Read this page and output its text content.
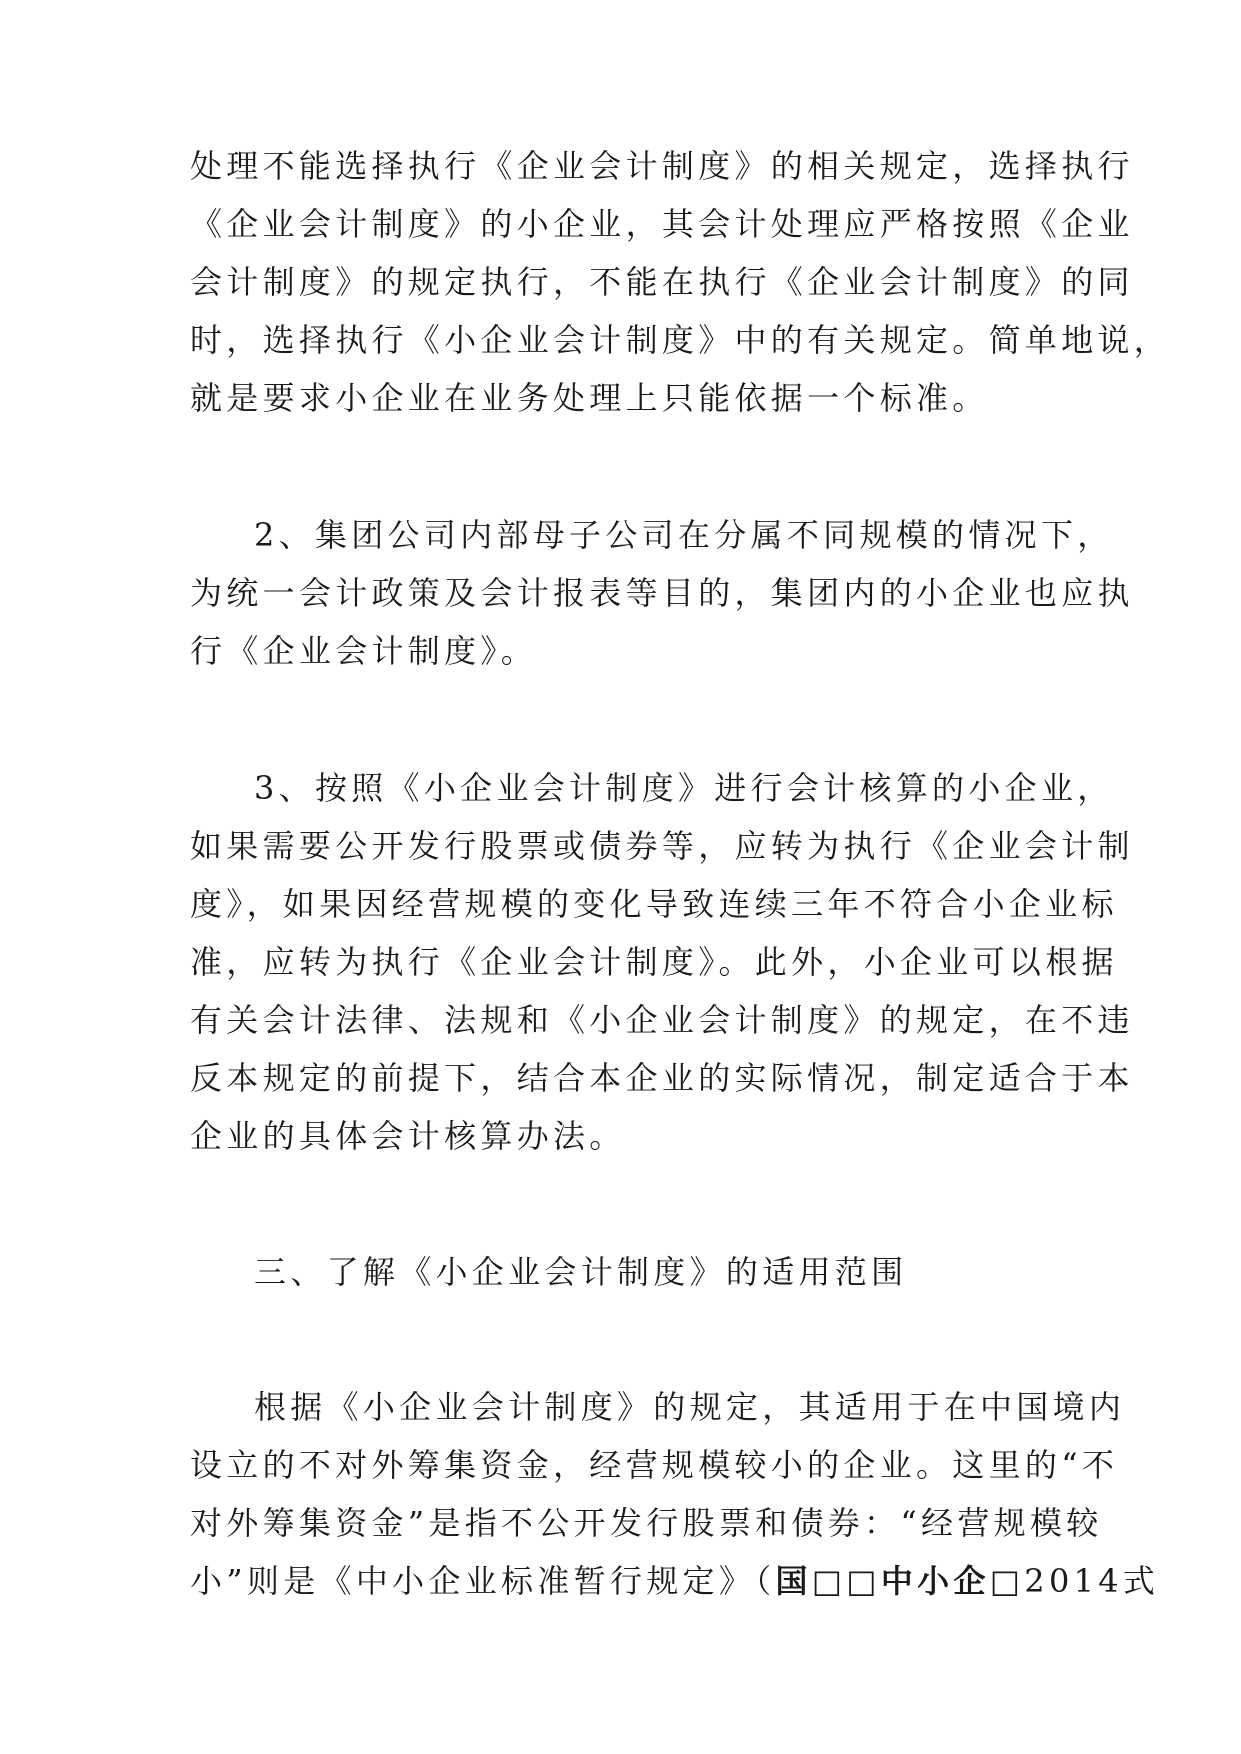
处理不能选择执行《企业会计制度》的相关规定，选择执行
《企业会计制度》的小企业，其会计处理应严格按照《企业
会计制度》的规定执行，不能在执行《企业会计制度》的同
时，选择执行《小企业会计制度》中的有关规定。简单地说，
就是要求小企业在业务处理上只能依据一个标准。
2、集团公司内部母子公司在分属不同规模的情况下，
为统一会计政策及会计报表等目的，集团内的小企业也应执
行《企业会计制度》。
3、按照《小企业会计制度》进行会计核算的小企业，
如果需要公开发行股票或债券等，应转为执行《企业会计制
度》，如果因经营规模的变化导致连续三年不符合小企业标
准，应转为执行《企业会计制度》。此外，小企业可以根据
有关会计法律、法规和《小企业会计制度》的规定，在不违
反本规定的前提下，结合本企业的实际情况，制定适合于本
企业的具体会计核算办法。
三、了解《小企业会计制度》的适用范围
根据《小企业会计制度》的规定，其适用于在中国境内
设立的不对外筹集资金，经营规模较小的企业。这里的“不
对外筹集资金”是指不公开发行股票和债券：“经营规模较
小”则是《中小企业标准暂行规定》（国□□中小企□2014式
